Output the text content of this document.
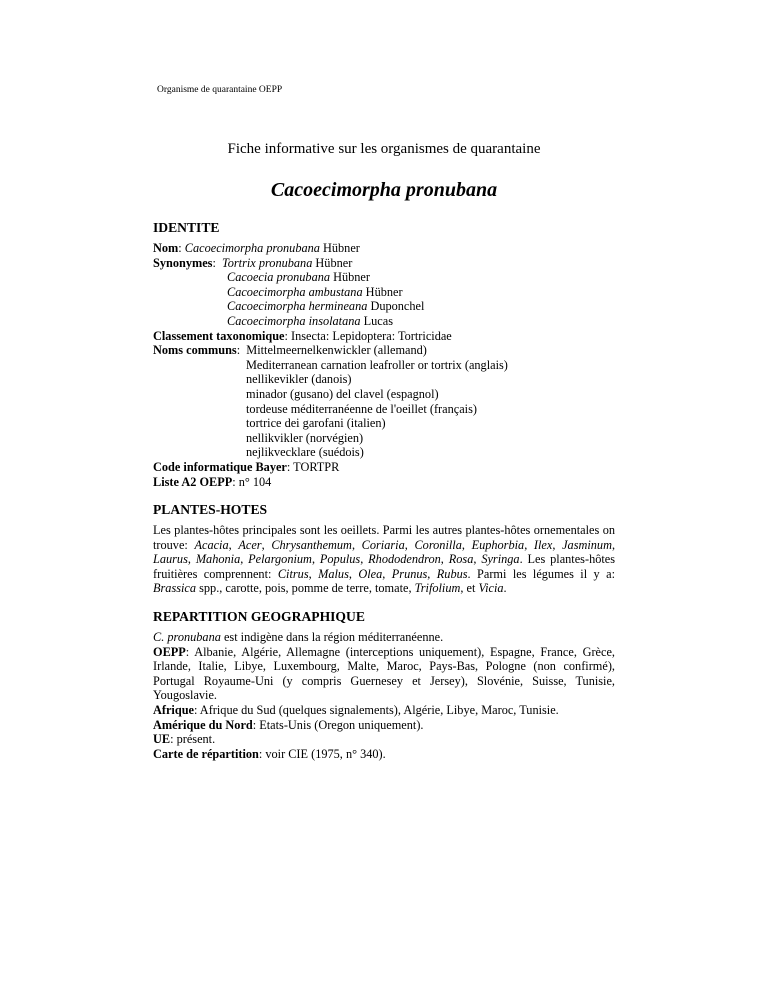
Organisme de quarantaine OEPP
Fiche informative sur les organismes de quarantaine
Cacoecimorpha pronubana
IDENTITE
Nom: Cacoecimorpha pronubana Hübner
Synonymes:  Tortrix pronubana Hübner
Cacoecia pronubana Hübner
Cacoecimorpha ambustana Hübner
Cacoecimorpha hermineana Duponchel
Cacoecimorpha insolatana Lucas
Classement taxonomique: Insecta: Lepidoptera: Tortricidae
Noms communs:  Mittelmeernelkenwickler (allemand)
Mediterranean carnation leafroller or tortrix (anglais)
nellikevikler (danois)
minador (gusano) del clavel (espagnol)
tordeuse méditerranéenne de l'oeillet (français)
tortrice dei garofani (italien)
nellikvikler (norvégien)
nejlikvecklare (suédois)
Code informatique Bayer: TORTPR
Liste A2 OEPP: n° 104
PLANTES-HOTES
Les plantes-hôtes principales sont les oeillets. Parmi les autres plantes-hôtes ornementales on trouve: Acacia, Acer, Chrysanthemum, Coriaria, Coronilla, Euphorbia, Ilex, Jasminum, Laurus, Mahonia, Pelargonium, Populus, Rhododendron, Rosa, Syringa. Les plantes-hôtes fruitières comprennent: Citrus, Malus, Olea, Prunus, Rubus. Parmi les légumes il y a: Brassica spp., carotte, pois, pomme de terre, tomate, Trifolium, et Vicia.
REPARTITION GEOGRAPHIQUE
C. pronubana est indigène dans la région méditerranéenne.
OEPP: Albanie, Algérie, Allemagne (interceptions uniquement), Espagne, France, Grèce, Irlande, Italie, Libye, Luxembourg, Malte, Maroc, Pays-Bas, Pologne (non confirmé), Portugal Royaume-Uni (y compris Guernesey et Jersey), Slovénie, Suisse, Tunisie, Yougoslavie.
Afrique: Afrique du Sud (quelques signalements), Algérie, Libye, Maroc, Tunisie.
Amérique du Nord: Etats-Unis (Oregon uniquement).
UE: présent.
Carte de répartition: voir CIE (1975, n° 340).
